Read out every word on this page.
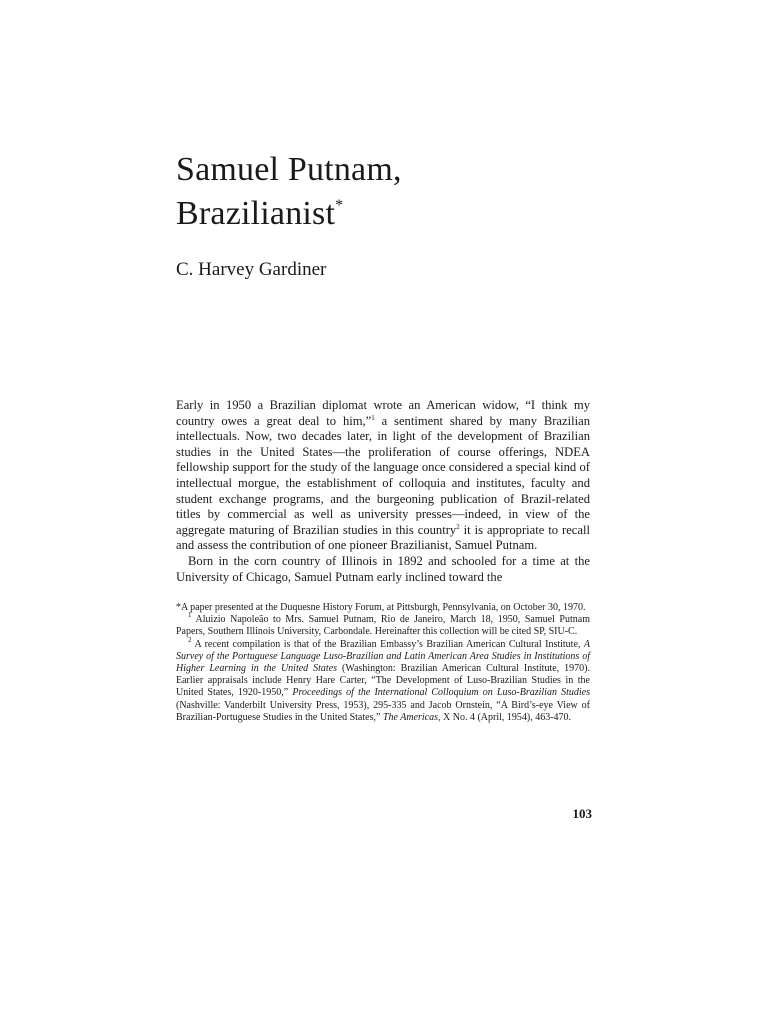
Samuel Putnam,
Brazilianist*

C. Harvey Gardiner

Early in 1950 a Brazilian diplomat wrote an American widow, “I think my country owes a great deal to him,”$^1$ a sentiment shared by many Brazilian intellectuals. Now, two decades later, in light of the development of Brazilian studies in the United States—the proliferation of course offerings, NDEA fellowship support for the study of the language once considered a special kind of intellectual morgue, the establishment of colloquia and institutes, faculty and student exchange programs, and the burgeoning publication of Brazil-related titles by commercial as well as university presses—indeed, in view of the aggregate maturing of Brazilian studies in this country$^2$ it is appropriate to recall and assess the contribution of one pioneer Brazilianist, Samuel Putnam.

Born in the corn country of Illinois in 1892 and schooled for a time at the University of Chicago, Samuel Putnam early inclined toward the

*A paper presented at the Duquesne History Forum, at Pittsburgh, Pennsylvania, on October 30, 1970.

$^1$ Aluizio Napoleão to Mrs. Samuel Putnam, Rio de Janeiro, March 18, 1950, Samuel Putnam Papers, Southern Illinois University, Carbondale. Hereinafter this collection will be cited SP, SIU-C.

$^2$ A recent compilation is that of the Brazilian Embassy’s Brazilian American Cultural Institute, A Survey of the Portuguese Language Luso-Brazilian and Latin American Area Studies in Institutions of Higher Learning in the United States (Washington: Brazilian American Cultural Institute, 1970). Earlier appraisals include Henry Hare Carter, “The Development of Luso-Brazilian Studies in the United States, 1920-1950,” Proceedings of the International Colloquium on Luso-Brazilian Studies (Nashville: Vanderbilt University Press, 1953), 295-335 and Jacob Ornstein, “A Bird’s-eye View of Brazilian-Portuguese Studies in the United States,” The Americas, X No. 4 (April, 1954), 463-470.

103
